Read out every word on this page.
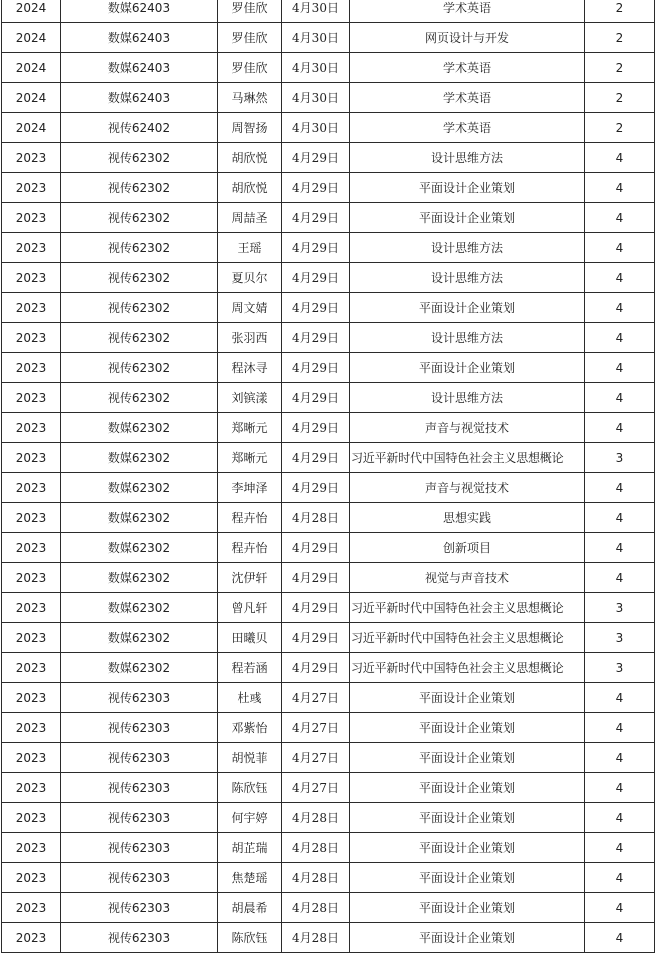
2024	数媒62403	罗佳欣	4月30日	学术英语	2
2024	数媒62403	罗佳欣	4月30日	网页设计与开发	2
2024	数媒62403	罗佳欣	4月30日	学术英语	2
2024	数媒62403	马琳然	4月30日	学术英语	2
2024	视传62402	周智扬	4月30日	学术英语	2
2023	视传62302	胡欣悦	4月29日	设计思维方法	4
2023	视传62302	胡欣悦	4月29日	平面设计企业策划	4
2023	视传62302	周喆圣	4月29日	平面设计企业策划	4
2023	视传62302	王瑶	4月29日	设计思维方法	4
2023	视传62302	夏贝尔	4月29日	设计思维方法	4
2023	视传62302	周文婧	4月29日	平面设计企业策划	4
2023	视传62302	张羽西	4月29日	设计思维方法	4
2023	视传62302	程沐寻	4月29日	平面设计企业策划	4
2023	视传62302	刘镔漾	4月29日	设计思维方法	4
2023	数媒62302	郑晰元	4月29日	声音与视觉技术	4
2023	数媒62302	郑晰元	4月29日	习近平新时代中国特色社会主义思想概论	3
2023	数媒62302	李坤泽	4月29日	声音与视觉技术	4
2023	数媒62302	程卉怡	4月28日	思想实践	4
2023	数媒62302	程卉怡	4月29日	创新项目	4
2023	数媒62302	沈伊轩	4月29日	视觉与声音技术	4
2023	数媒62302	曾凡轩	4月29日	习近平新时代中国特色社会主义思想概论	3
2023	数媒62302	田曦贝	4月29日	习近平新时代中国特色社会主义思想概论	3
2023	数媒62302	程若涵	4月29日	习近平新时代中国特色社会主义思想概论	3
2023	视传62303	杜彧	4月27日	平面设计企业策划	4
2023	视传62303	邓紫怡	4月27日	平面设计企业策划	4
2023	视传62303	胡悦菲	4月27日	平面设计企业策划	4
2023	视传62303	陈欣钰	4月27日	平面设计企业策划	4
2023	视传62303	何宇婷	4月28日	平面设计企业策划	4
2023	视传62303	胡芷瑞	4月28日	平面设计企业策划	4
2023	视传62303	焦楚瑶	4月28日	平面设计企业策划	4
2023	视传62303	胡晨希	4月28日	平面设计企业策划	4
2023	视传62303	陈欣钰	4月28日	平面设计企业策划	4
